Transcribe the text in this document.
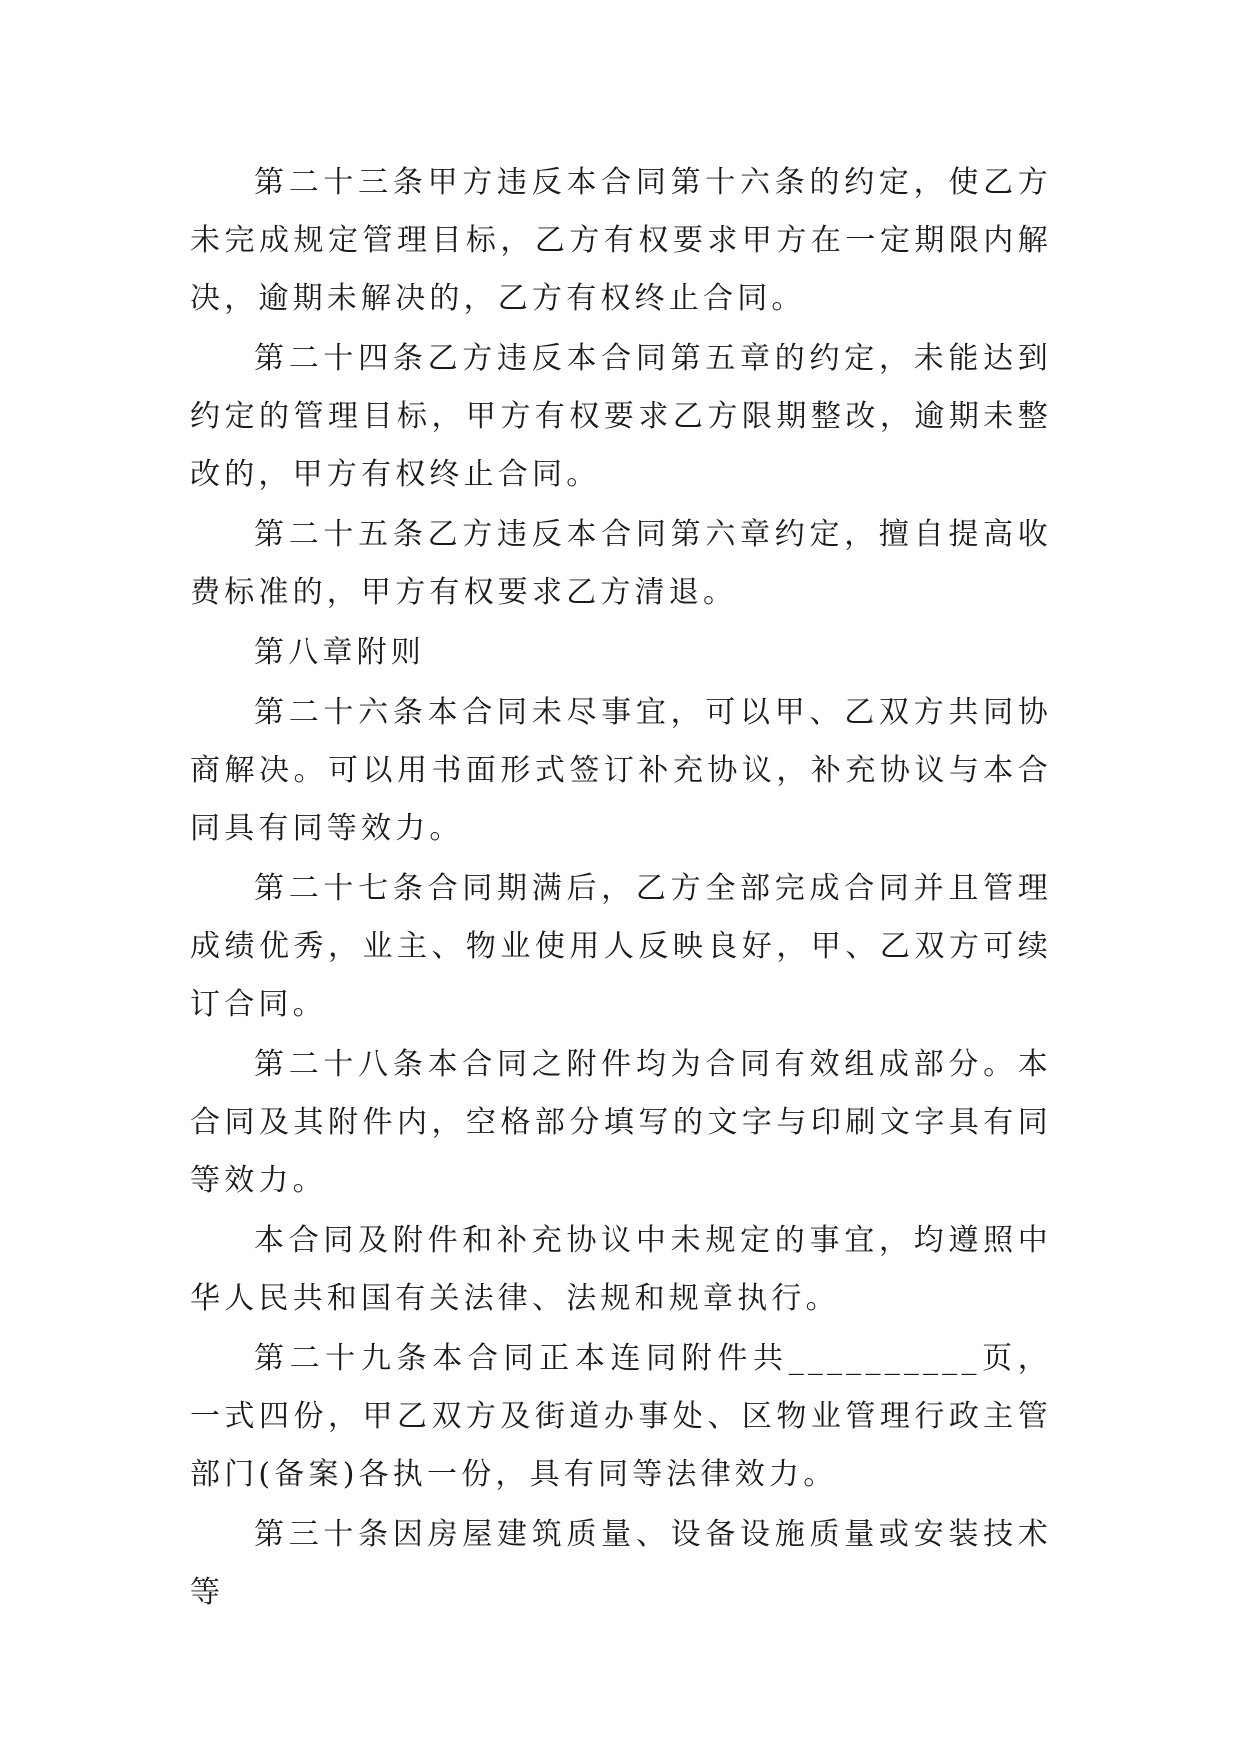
第二十三条甲方违反本合同第十六条的约定，使乙方未完成规定管理目标，乙方有权要求甲方在一定期限内解决，逾期未解决的，乙方有权终止合同。

第二十四条乙方违反本合同第五章的约定，未能达到约定的管理目标，甲方有权要求乙方限期整改，逾期未整改的，甲方有权终止合同。

第二十五条乙方违反本合同第六章约定，擅自提高收费标准的，甲方有权要求乙方清退。

第八章附则

第二十六条本合同未尽事宜，可以甲、乙双方共同协商解决。可以用书面形式签订补充协议，补充协议与本合同具有同等效力。

第二十七条合同期满后，乙方全部完成合同并且管理成绩优秀，业主、物业使用人反映良好，甲、乙双方可续订合同。

第二十八条本合同之附件均为合同有效组成部分。本合同及其附件内，空格部分填写的文字与印刷文字具有同等效力。

本合同及附件和补充协议中未规定的事宜，均遵照中华人民共和国有关法律、法规和规章执行。

第二十九条本合同正本连同附件共__________页，一式四份，甲乙双方及街道办事处、区物业管理行政主管部门(备案)各执一份，具有同等法律效力。

第三十条因房屋建筑质量、设备设施质量或安装技术等
